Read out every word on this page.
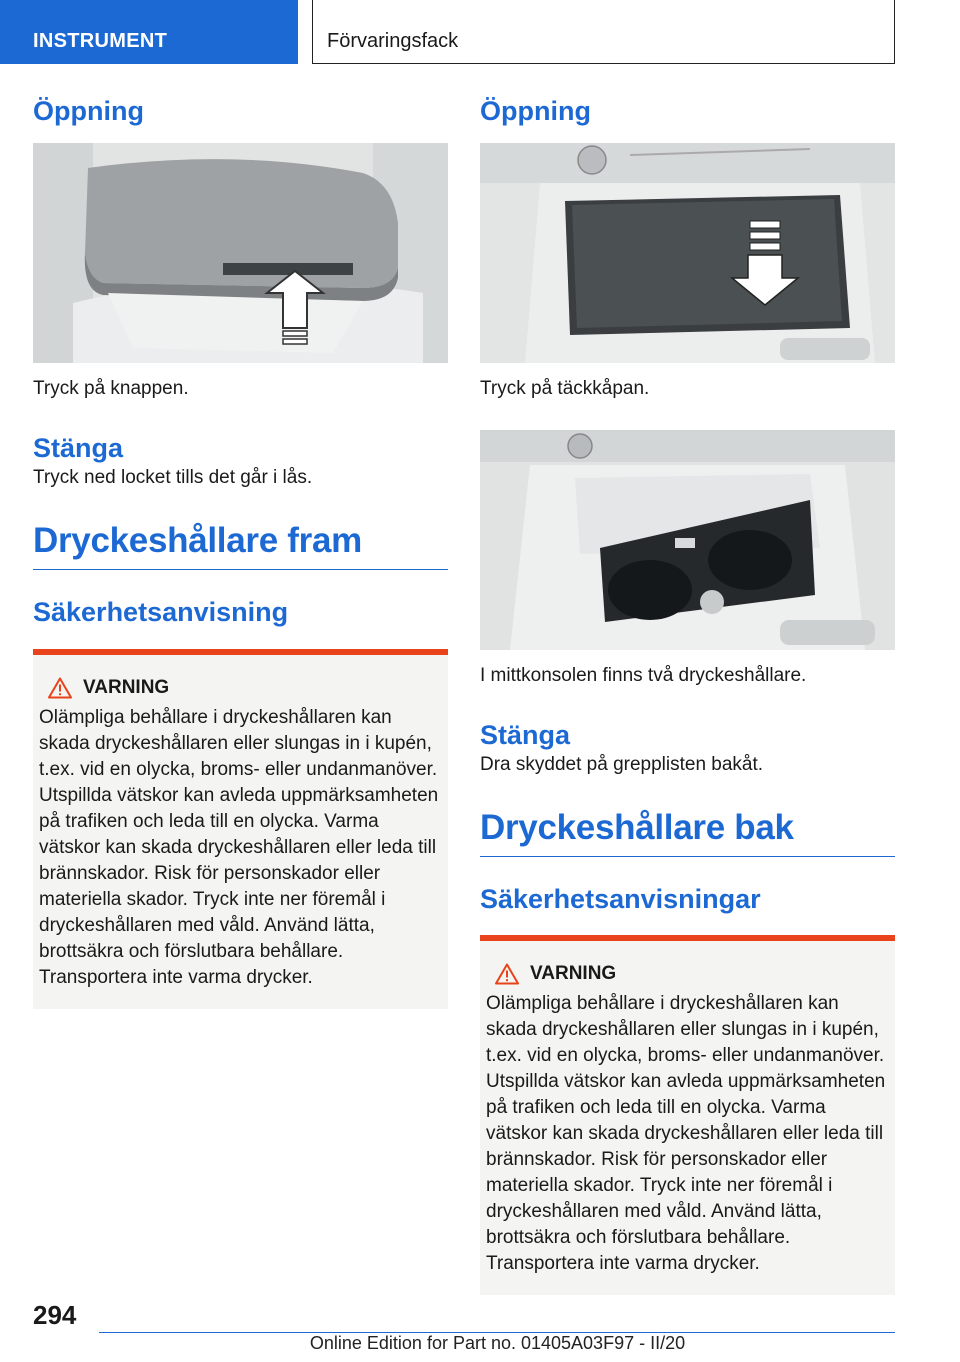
INSTRUMENT	Förvaringsfack
Öppning

Tryck på knappen.

Stänga

Tryck ned locket tills det går i lås.

Dryckeshållare fram
Säkerhetsanvisning
VARNING
Olämpliga behållare i dryckeshållaren kan skada dryckeshållaren eller slungas in i kupén, t.ex. vid en olycka, broms- eller undanmanöver. Utspillda vätskor kan avleda uppmärksamheten på trafiken och leda till en olycka. Varma vätskor kan skada dryckeshållaren eller leda till brännskador. Risk för personskador eller materiella skador. Tryck inte ner föremål i dryckeshållaren med våld. Använd lätta, brottsäkra och förslutbara behållare. Transportera inte varma drycker.
Öppning

Tryck på täckkåpan.

I mittkonsolen finns två dryckeshållare.

Stänga

Dra skyddet på grepplisten bakåt.

Dryckeshållare bak
Säkerhetsanvisningar
VARNING
Olämpliga behållare i dryckeshållaren kan skada dryckeshållaren eller slungas in i kupén, t.ex. vid en olycka, broms- eller undanmanöver. Utspillda vätskor kan avleda uppmärksamheten på trafiken och leda till en olycka. Varma vätskor kan skada dryckeshållaren eller leda till brännskador. Risk för personskador eller materiella skador. Tryck inte ner föremål i dryckeshållaren med våld. Använd lätta, brottsäkra och förslutbara behållare. Transportera inte varma drycker.
294
Online Edition for Part no. 01405A03F97 - II/20
